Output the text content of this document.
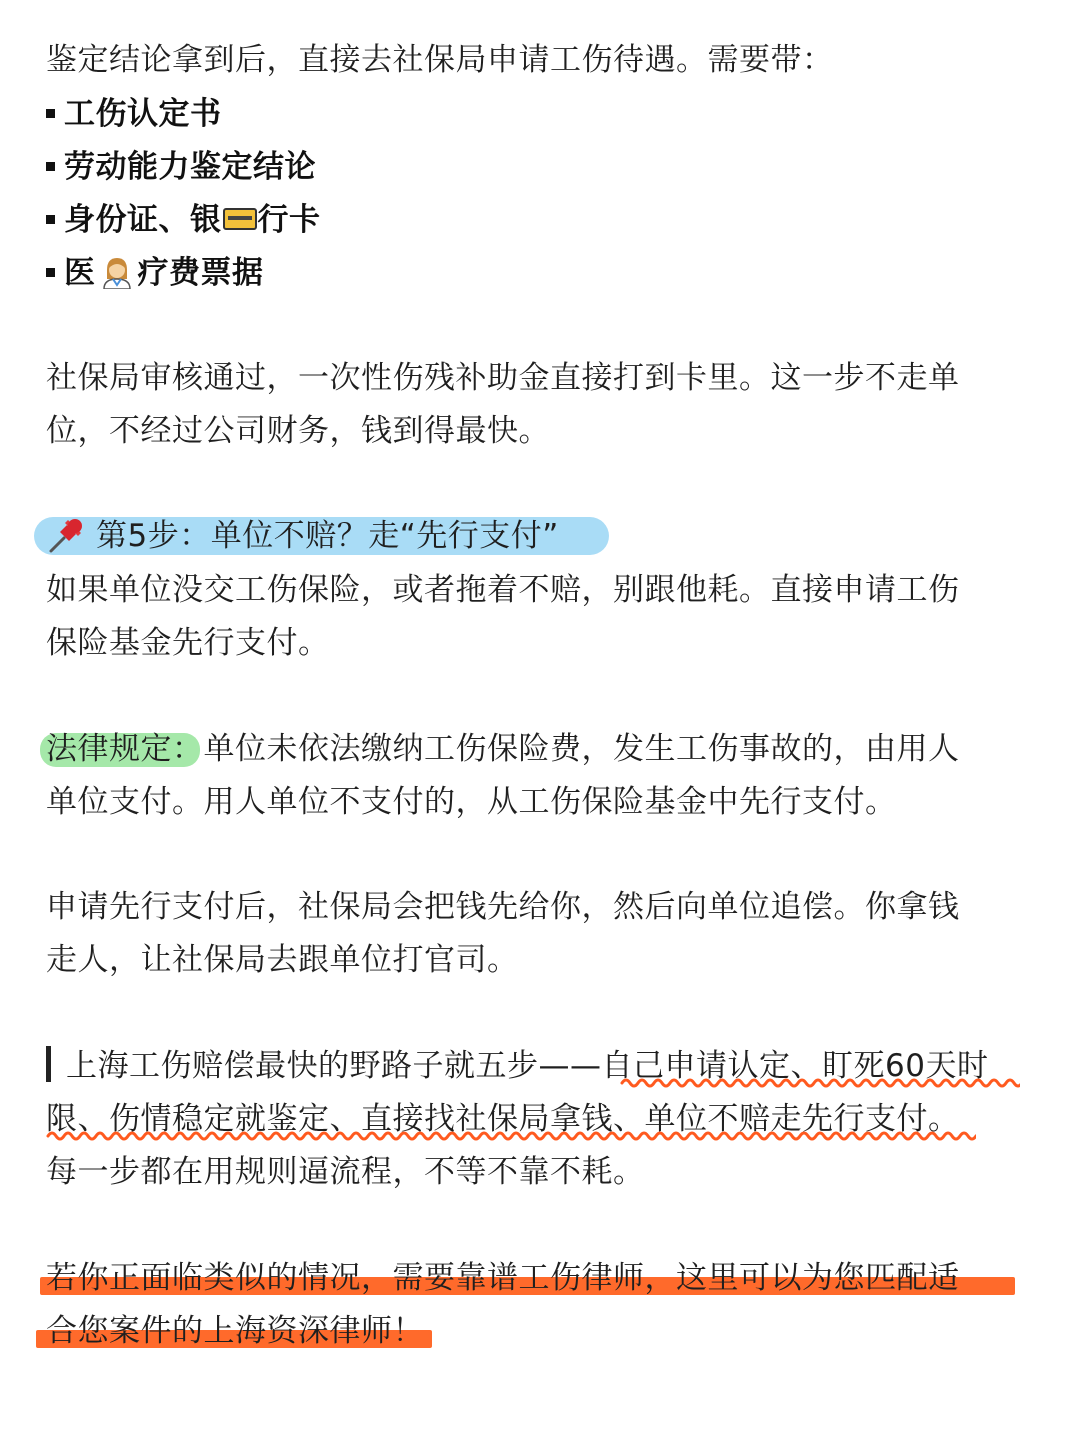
鉴定结论拿到后，直接去社保局申请工伤待遇。需要带：
工伤认定书
劳动能力鉴定结论
身份证、银 行卡
医 疗费票据
社保局审核通过，一次性伤残补助金直接打到卡里。这一步不走单
位，不经过公司财务，钱到得最快。
第5步：单位不赔？走“先行支付”
如果单位没交工伤保险，或者拖着不赔，别跟他耗。直接申请工伤
保险基金先行支付。
法律规定：单位未依法缴纳工伤保险费，发生工伤事故的，由用人
单位支付。用人单位不支付的，从工伤保险基金中先行支付。
申请先行支付后，社保局会把钱先给你，然后向单位追偿。你拿钱
走人，让社保局去跟单位打官司。
上海工伤赔偿最快的野路子就五步——自己申请认定、盯死60天时
限、伤情稳定就鉴定、直接找社保局拿钱、单位不赔走先行支付。
每一步都在用规则逼流程，不等不靠不耗。
若你正面临类似的情况，需要靠谱工伤律师，这里可以为您匹配适
合您案件的上海资深律师！
